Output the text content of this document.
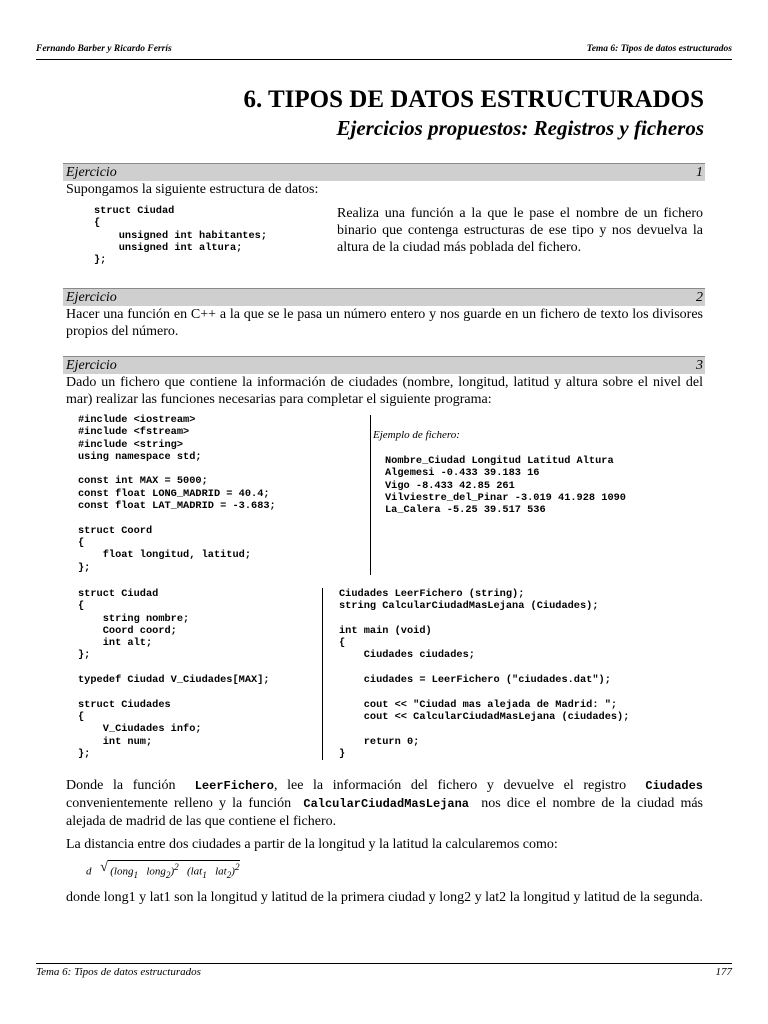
Fernando Barber y Ricardo Ferrís	Tema 6: Tipos de datos estructurados
6. TIPOS DE DATOS ESTRUCTURADOS
Ejercicios propuestos: Registros y ficheros
Ejercicio	1
Supongamos la siguiente estructura de datos:
struct Ciudad
{
unsigned int habitantes;
unsigned int altura;
};
Realiza una función a la que le pase el nombre de un fichero binario que contenga estructuras de ese tipo y nos devuelva la altura de la ciudad más poblada del fichero.
Ejercicio	2
Hacer una función en C++ a la que se le pasa un número entero y nos guarde en un fichero de texto los divisores propios del número.
Ejercicio	3
Dado un fichero que contiene la información de ciudades (nombre, longitud, latitud y altura sobre el nivel del mar) realizar las funciones necesarias para completar el siguiente programa:
#include <iostream>
#include <fstream>
#include <string>
using namespace std;

const int MAX = 5000;
const float LONG_MADRID = 40.4;
const float LAT_MADRID = -3.683;

struct Coord
{
float longitud, latitud;
};
Ejemplo de fichero:
Nombre_Ciudad Longitud Latitud Altura
Algemesi -0.433 39.183 16
Vigo -8.433 42.85 261
Vilviestre_del_Pinar -3.019 41.928 1090
La_Calera -5.25 39.517 536
struct Ciudad
{
string nombre;
Coord coord;
int alt;
};

typedef Ciudad V_Ciudades[MAX];

struct Ciudades
{
V_Ciudades info;
int num;
};
Ciudades LeerFichero (string);
string CalcularCiudadMasLejana (Ciudades);

int main (void)
{
Ciudades ciudades;

ciudades = LeerFichero ("ciudades.dat");

cout << "Ciudad mas alejada de Madrid: ";
cout << CalcularCiudadMasLejana (ciudades);

return 0;
}
Donde la función LeerFichero, lee la información del fichero y devuelve el registro Ciudades convenientemente relleno y la función CalcularCiudadMasLejana nos dice el nombre de la ciudad más alejada de madrid de las que contiene el fichero.
La distancia entre dos ciudades a partir de la longitud y la latitud la calcularemos como:
d √ (long$_1$ long$_2$)$^2$   (lat$_1$ lat$_2$)$^2$
donde long1 y lat1 son la longitud y latitud de la primera ciudad y long2 y lat2 la longitud y latitud de la segunda.
Tema 6: Tipos de datos estructurados	177
